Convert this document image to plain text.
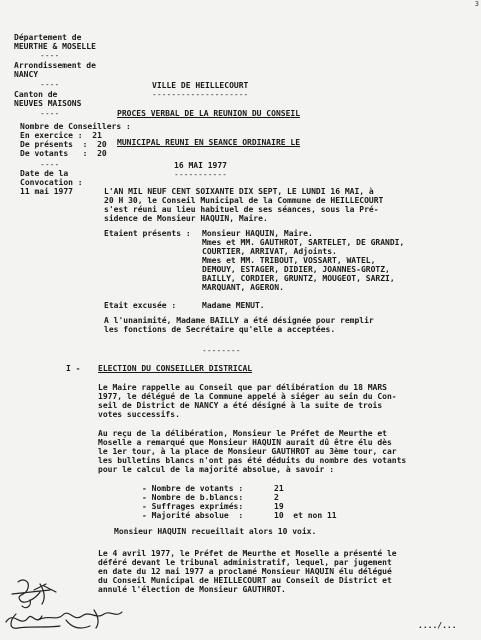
3
Département de
MEURTHE & MOSELLE
----
Arrondissement de
NANCY
----
Canton de
NEUVES MAISONS
----
Nombre de Conseillers :
En exercice :  21
De présents  :  20
De votants   :  20
----
Date de la
Convocation :
11 mai 1977
VILLE DE HEILLECOURT
--------------------
PROCES VERBAL DE LA REUNION DU CONSEIL
MUNICIPAL REUNI EN SEANCE ORDINAIRE LE
16 MAI 1977
-----------
L'AN MIL NEUF CENT SOIXANTE DIX SEPT, LE LUNDI 16 MAI, à
20 H 30, le Conseil Municipal de la Commune de HEILLECOURT
s'est réuni au lieu habituel de ses séances, sous la Pré-
sidence de Monsieur HAQUIN, Maire.
Etaient présents : Monsieur HAQUIN, Maire.
Mmes et MM. GAUTHROT, SARTELET, DE GRANDI,
COURTIER, ARRIVAT, Adjoints.
Mmes et MM. TRIBOUT, VOSSART, WATEL,
DEMOUY, ESTAGER, DIDIER, JOANNES-GROTZ,
BAILLY, CORDIER, GRUNTZ, MOUGEOT, SARZI,
MARQUANT, AGERON.
Etait excusée :	Madame MENUT.
A l'unanimité, Madame BAILLY a été désignée pour remplir
les fonctions de Secrétaire qu'elle a acceptées.
--------
I - ELECTION DU CONSEILLER DISTRICAL
Le Maire rappelle au Conseil que par délibération du 18 MARS
1977, le délégué de la Commune appelé à siéger au sein du Con-
seil de District de NANCY a été désigné à la suite de trois
votes successifs.
Au reçu de la délibération, Monsieur le Préfet de Meurthe et
Moselle a remarqué que Monsieur HAQUIN aurait dû être élu dès
le 1er tour, à la place de Monsieur GAUTHROT au 3ème tour, car
les bulletins blancs n'ont pas été déduits du nombre des votants
pour le calcul de la majorité absolue, à savoir :
- Nombre de votants :	21
- Nombre de b.blancs:	2
- Suffrages exprimés:	19
- Majorité absolue  :	10  et non 11
Monsieur HAQUIN recueillait alors 10 voix.
Le 4 avril 1977, le Préfet de Meurthe et Moselle a présenté le
déféré devant le tribunal administratif, lequel, par jugement
en date du 12 mai 1977 a proclamé Monsieur HAQUIN élu délégué
du Conseil Municipal de HEILLECOURT au Conseil de District et
annulé l'élection de Monsieur GAUTHROT.
..../...
